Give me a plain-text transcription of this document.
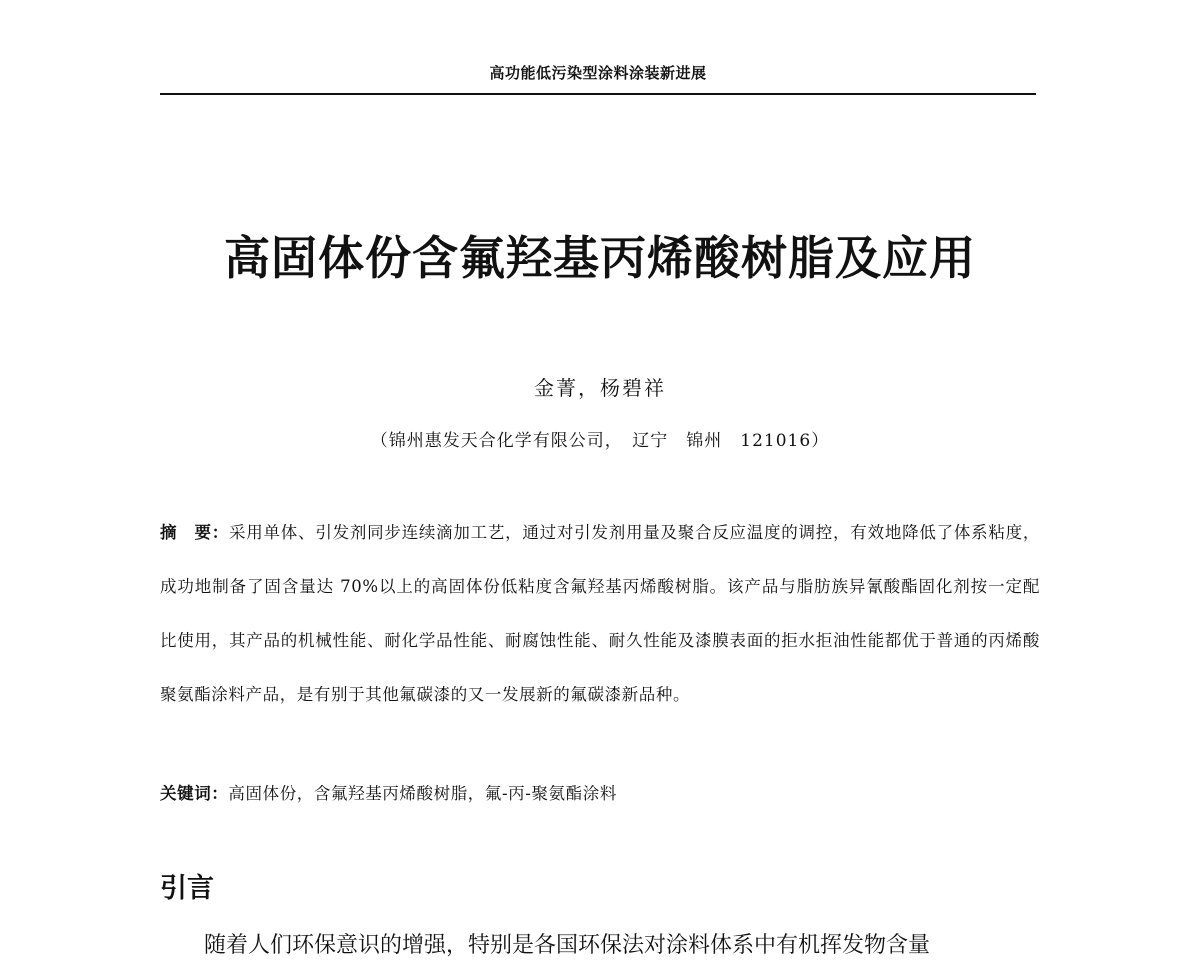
高功能低污染型涂料涂装新进展
高固体份含氟羟基丙烯酸树脂及应用
金菁，杨碧祥
（锦州惠发天合化学有限公司，　辽宁　锦州　121016）

摘　要：采用单体、引发剂同步连续滴加工艺，通过对引发剂用量及聚合反应温度的调控，有效地降低了体系粘度，成功地制备了固含量达 70%以上的高固体份低粘度含氟羟基丙烯酸树脂。该产品与脂肪族异氰酸酯固化剂按一定配比使用，其产品的机械性能、耐化学品性能、耐腐蚀性能、耐久性能及漆膜表面的拒水拒油性能都优于普通的丙烯酸聚氨酯涂料产品，是有别于其他氟碳漆的又一发展新的氟碳漆新品种。

关键词：高固体份，含氟羟基丙烯酸树脂，氟-丙-聚氨酯涂料
引言
随着人们环保意识的增强，特别是各国环保法对涂料体系中有机挥发物含量
